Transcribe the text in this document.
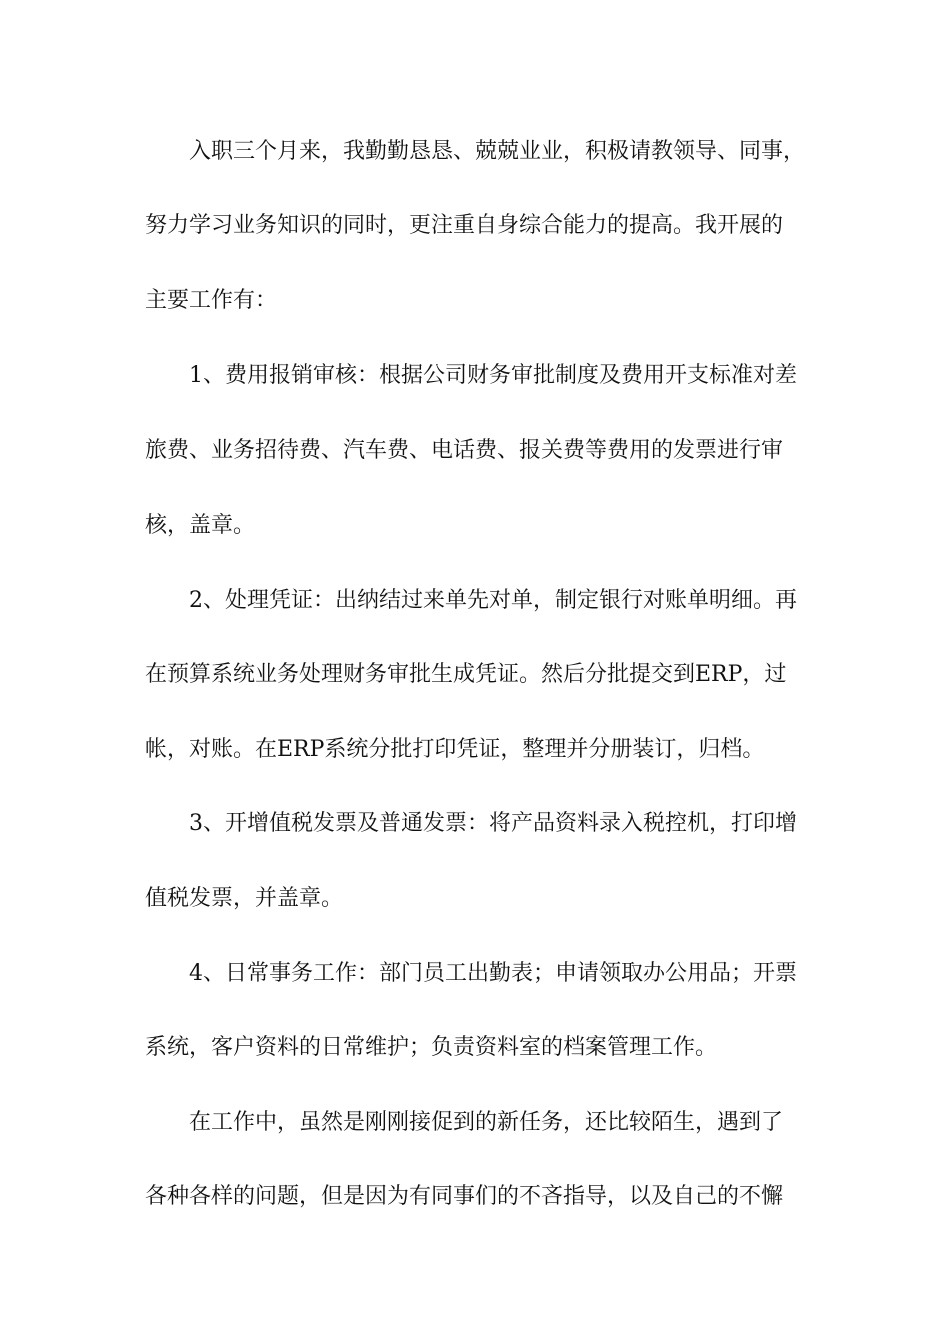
入职三个月来，我勤勤恳恳、兢兢业业，积极请教领导、同事，
努力学习业务知识的同时，更注重自身综合能力的提高。我开展的
主要工作有：
1、费用报销审核：根据公司财务审批制度及费用开支标准对差
旅费、业务招待费、汽车费、电话费、报关费等费用的发票进行审
核，盖章。
2、处理凭证：出纳结过来单先对单，制定银行对账单明细。再
在预算系统业务处理财务审批生成凭证。然后分批提交到ERP，过
帐，对账。在ERP系统分批打印凭证，整理并分册装订，归档。
3、开增值税发票及普通发票：将产品资料录入税控机，打印增
值税发票，并盖章。
4、日常事务工作：部门员工出勤表；申请领取办公用品；开票
系统，客户资料的日常维护；负责资料室的档案管理工作。
在工作中，虽然是刚刚接促到的新任务，还比较陌生，遇到了
各种各样的问题，但是因为有同事们的不吝指导，以及自己的不懈
